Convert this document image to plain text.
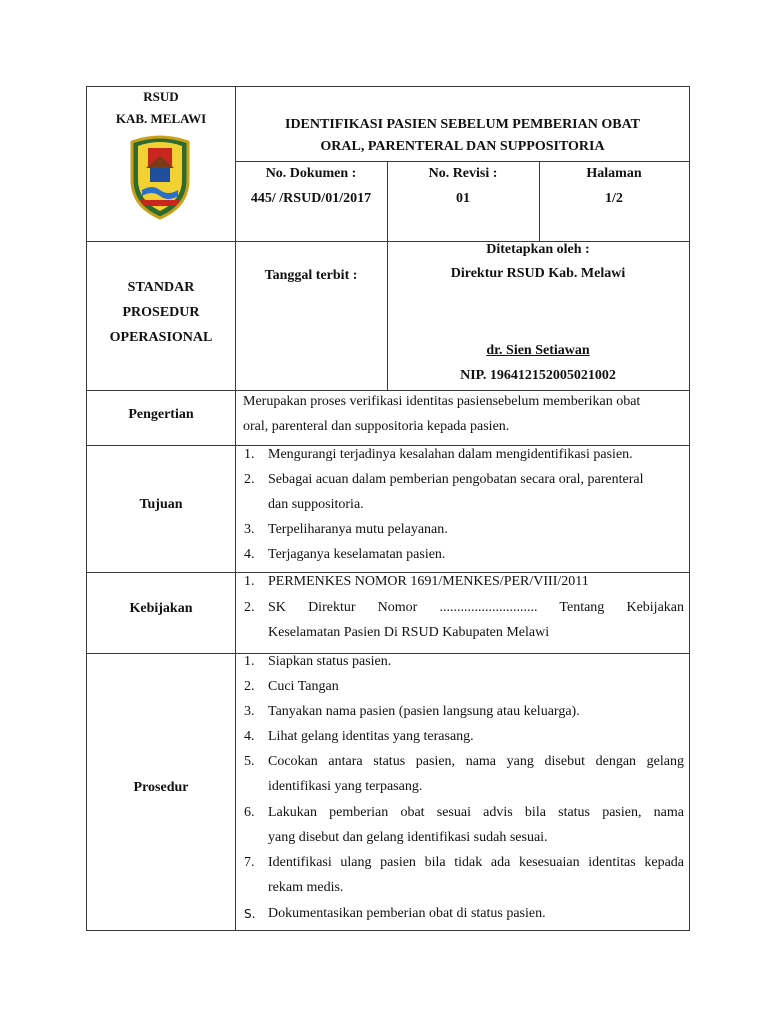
RSUD
KAB. MELAWI	IDENTIFIKASI PASIEN SEBELUM PEMBERIAN OBAT
ORAL, PARENTERAL DAN SUPPOSITORIA
No. Dokumen :
445/ /RSUD/01/2017
No. Revisi :
01
Halaman
1/2
STANDAR
PROSEDUR
OPERASIONAL
Tanggal terbit :
Ditetapkan oleh :
Direktur RSUD Kab. Melawi
dr. Sien Setiawan
NIP. 196412152005021002
Pengertian
Merupakan proses verifikasi identitas pasiensebelum memberikan obat
oral, parenteral dan suppositoria kepada pasien.
Tujuan
1. Mengurangi terjadinya kesalahan dalam mengidentifikasi pasien.
2. Sebagai acuan dalam pemberian pengobatan secara oral, parenteral
dan suppositoria.
3. Terpeliharanya mutu pelayanan.
4. Terjaganya keselamatan pasien.
Kebijakan
1. PERMENKES NOMOR 1691/MENKES/PER/VIII/2011
2. SK Direktur Nomor ............................ Tentang Kebijakan
Keselamatan Pasien Di RSUD Kabupaten Melawi
Prosedur
1. Siapkan status pasien.
2. Cuci Tangan
3. Tanyakan nama pasien (pasien langsung atau keluarga).
4. Lihat gelang identitas yang terasang.
5. Cocokan antara status pasien, nama yang disebut dengan gelang
identifikasi yang terpasang.
6. Lakukan pemberian obat sesuai advis bila status pasien, nama
yang disebut dan gelang identifikasi sudah sesuai.
7. Identifikasi ulang pasien bila tidak ada kesesuaian identitas kepada
rekam medis.
S. Dokumentasikan pemberian obat di status pasien.
